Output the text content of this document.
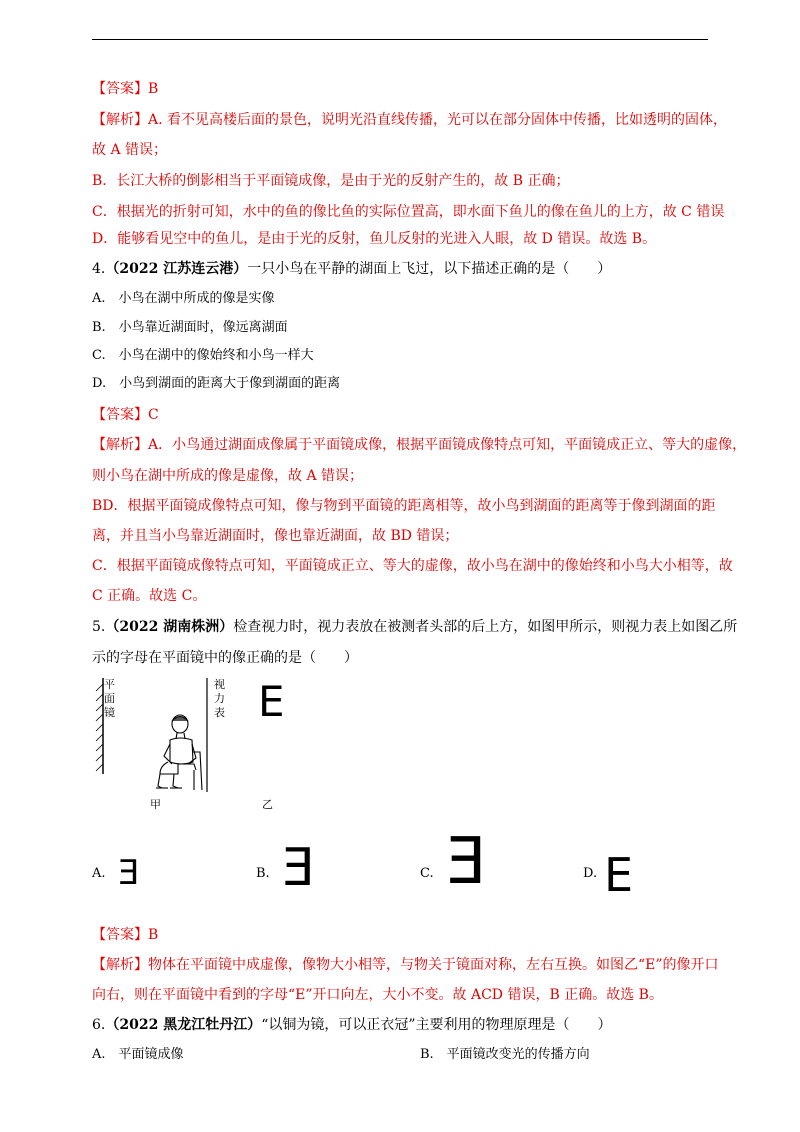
【答案】B
【解析】A. 看不见高楼后面的景色，说明光沿直线传播，光可以在部分固体中传播，比如透明的固体，
故 A 错误；
B．长江大桥的倒影相当于平面镜成像，是由于光的反射产生的，故 B 正确；
C．根据光的折射可知，水中的鱼的像比鱼的实际位置高，即水面下鱼儿的像在鱼儿的上方，故 C 错误
D．能够看见空中的鱼儿，是由于光的反射，鱼儿反射的光进入人眼，故 D 错误。故选 B。
4.（2022 江苏连云港）一只小鸟在平静的湖面上飞过，以下描述正确的是（　　）
A.　小鸟在湖中所成的像是实像
B.　小鸟靠近湖面时，像远离湖面
C.　小鸟在湖中的像始终和小鸟一样大
D.　小鸟到湖面的距离大于像到湖面的距离
【答案】C
【解析】A．小鸟通过湖面成像属于平面镜成像，根据平面镜成像特点可知，平面镜成正立、等大的虚像，
则小鸟在湖中所成的像是虚像，故 A 错误；
BD．根据平面镜成像特点可知，像与物到平面镜的距离相等，故小鸟到湖面的距离等于像到湖面的距
离，并且当小鸟靠近湖面时，像也靠近湖面，故 BD 错误；
C．根据平面镜成像特点可知，平面镜成正立、等大的虚像，故小鸟在湖中的像始终和小鸟大小相等，故
C 正确。故选 C。
5.（2022 湖南株洲）检查视力时，视力表放在被测者头部的后上方，如图甲所示，则视力表上如图乙所
示的字母在平面镜中的像正确的是（　　）
平面镜
视力表
甲
E
乙
A. E	B. E	C. E	D. E
【答案】B
【解析】物体在平面镜中成虚像，像物大小相等，与物关于镜面对称，左右互换。如图乙“E”的像开口
向右，则在平面镜中看到的字母“E”开口向左，大小不变。故 ACD 错误，B 正确。故选 B。
6.（2022 黑龙江牡丹江）“以铜为镜，可以正衣冠”主要利用的物理原理是（　　）
A.　平面镜成像	B.　平面镜改变光的传播方向
